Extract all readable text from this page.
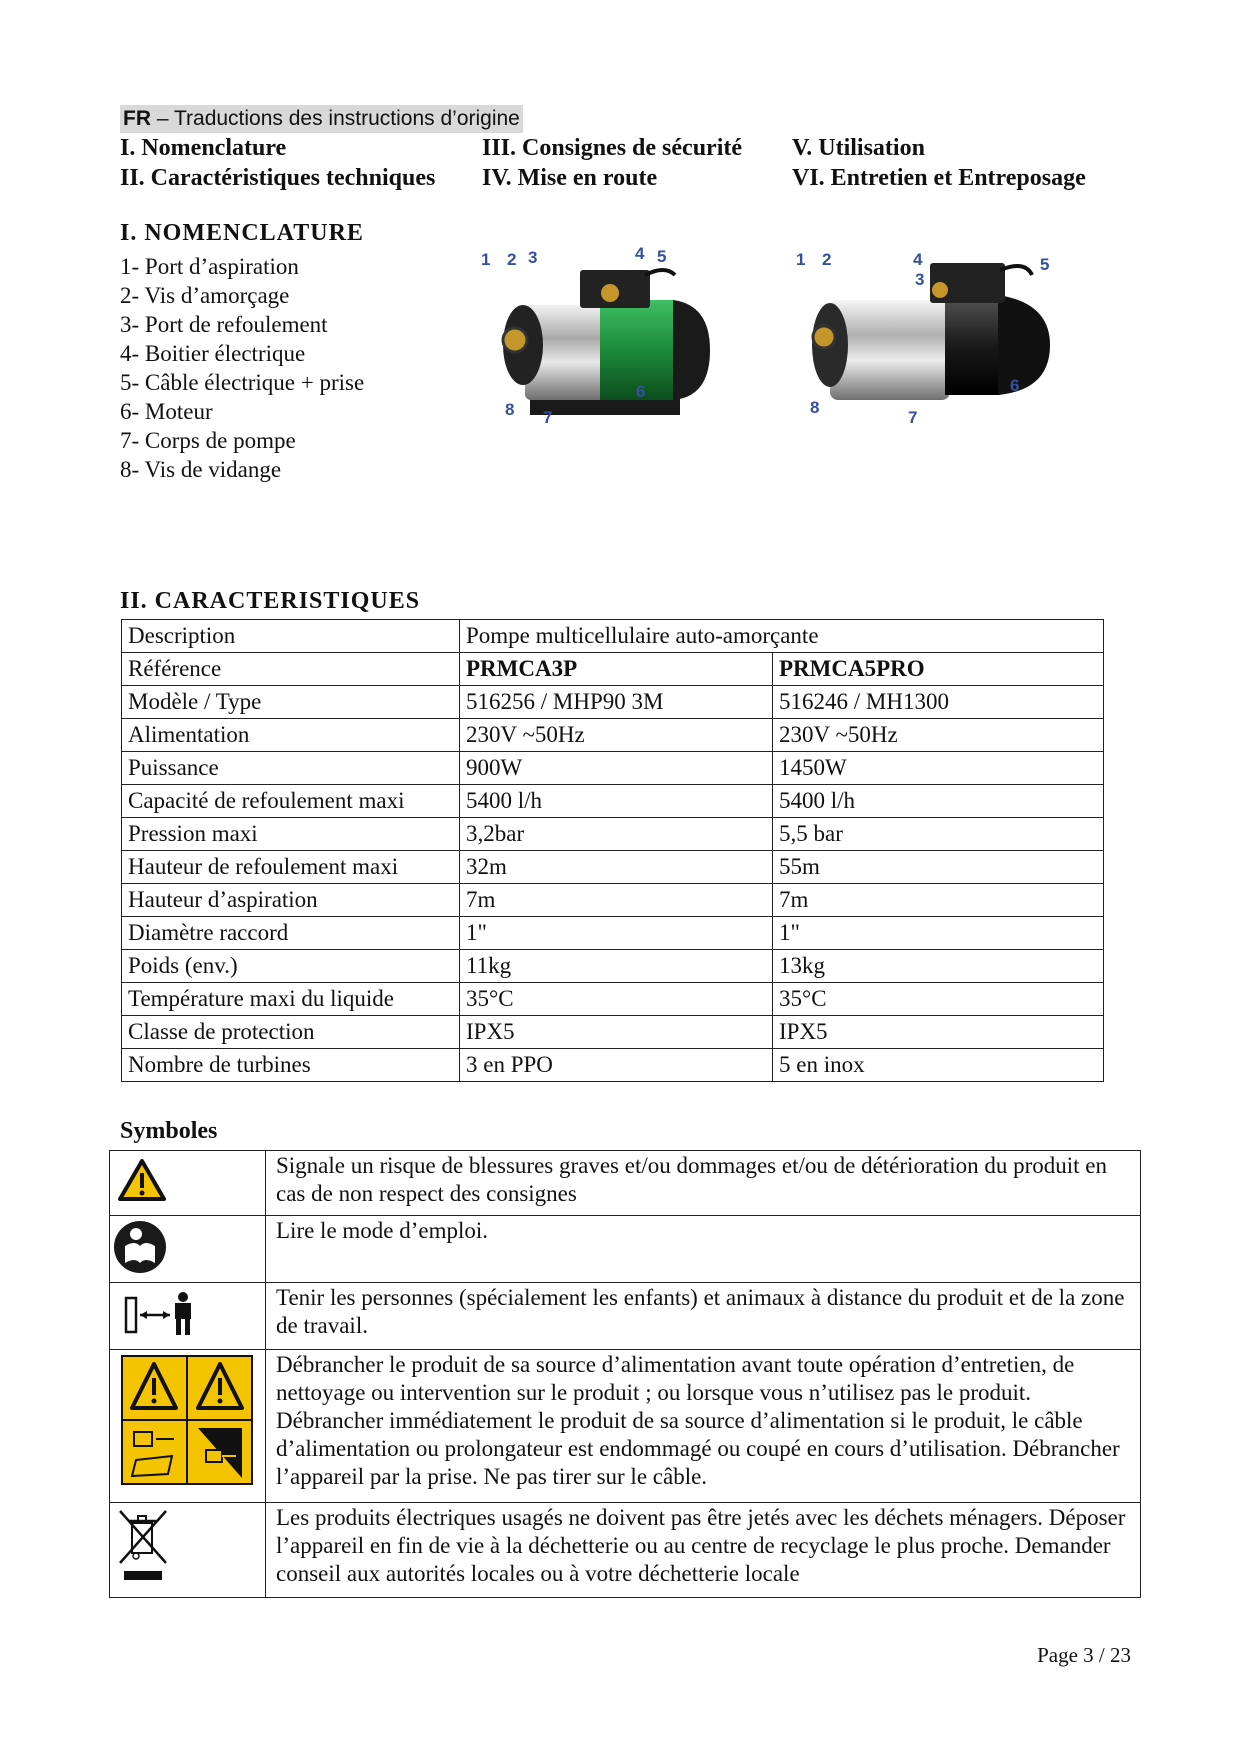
FR – Traductions des instructions d’origine
I. Nomenclature
II. Caractéristiques techniques
III. Consignes de sécurité
IV. Mise en route
V. Utilisation
VI. Entretien et Entreposage
I. NOMENCLATURE
1- Port d’aspiration
2- Vis d’amorçage
3- Port de refoulement
4- Boitier électrique
5- Câble électrique + prise
6- Moteur
7- Corps de pompe
8- Vis de vidange
1 2 3	4 5
6
7
8
1 2
3
4	5
6
7
8
II. CARACTERISTIQUES
Description	Pompe multicellulaire auto-amorçante	
Référence	PRMCA3P	PRMCA5PRO
Modèle / Type	516256 / MHP90 3M	516246 / MH1300
Alimentation	230V ~50Hz	230V ~50Hz
Puissance	900W	1450W
Capacité de refoulement maxi	5400 l/h	5400 l/h
Pression maxi	3,2bar	5,5 bar
Hauteur de refoulement maxi	32m	55m
Hauteur d’aspiration	7m	7m
Diamètre raccord	1"	1"
Poids (env.)	11kg	13kg
Température maxi du liquide	35°C	35°C
Classe de protection	IPX5	IPX5
Nombre de turbines	3 en PPO	5 en inox
Symboles
	Signale un risque de blessures graves et/ou dommages et/ou de détérioration du produit en cas de non respect des consignes
	Lire le mode d’emploi.
	Tenir les personnes (spécialement les enfants) et animaux à distance du produit et de la zone de travail.
	Débrancher le produit de sa source d’alimentation avant toute opération d’entretien, de nettoyage ou intervention sur le produit ; ou lorsque vous n’utilisez pas le produit. Débrancher immédiatement le produit de sa source d’alimentation si le produit, le câble d’alimentation ou prolongateur est endommagé ou coupé en cours d’utilisation. Débrancher l’appareil par la prise. Ne pas tirer sur le câble.
	Les produits électriques usagés ne doivent pas être jetés avec les déchets ménagers. Déposer l’appareil en fin de vie à la déchetterie ou au centre de recyclage le plus proche. Demander conseil aux autorités locales ou à votre déchetterie locale
Page 3 / 23
